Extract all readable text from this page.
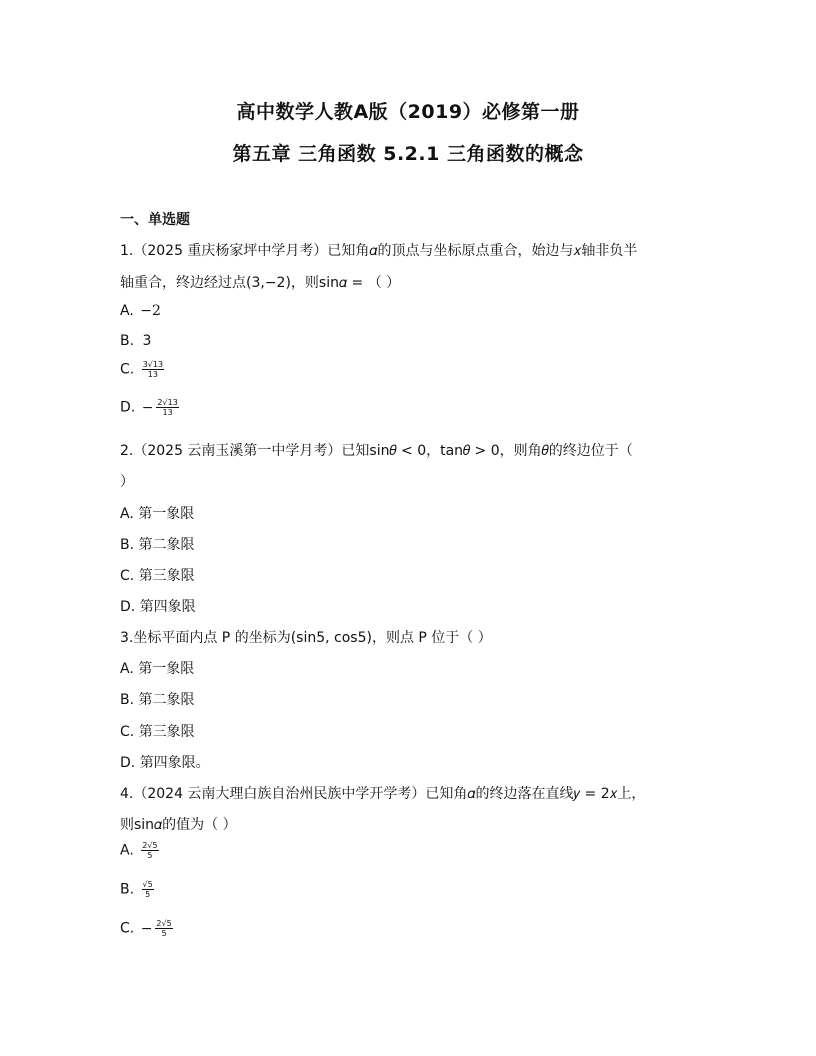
高中数学人教A版（2019）必修第一册
第五章 三角函数 5.2.1 三角函数的概念
一、单选题
1.（2025 重庆杨家坪中学月考）已知角𝛼的顶点与坐标原点重合，始边与𝑥轴非负半
轴重合，终边经过点(3,−2)，则sin𝛼 = （ ）
A. −2
B. 3
C. $\frac{3√13}{13}$
D. − $\frac{2√13}{13}$
2.（2025 云南玉溪第一中学月考）已知sin𝜃 < 0，tan𝜃 > 0，则角𝜃的终边位于（
）
A. 第一象限
B. 第二象限
C. 第三象限
D. 第四象限
3.坐标平面内点 P 的坐标为(sin5, cos5)，则点 P 位于（ ）
A. 第一象限
B. 第二象限
C. 第三象限
D. 第四象限。
4.（2024 云南大理白族自治州民族中学开学考）已知角𝛼的终边落在直线𝑦 = 2𝑥上，
则sin𝛼的值为（ ）
A. $\frac{2√5}{5}$
B. $\frac{√5}{5}$
C. − $\frac{2√5}{5}$
